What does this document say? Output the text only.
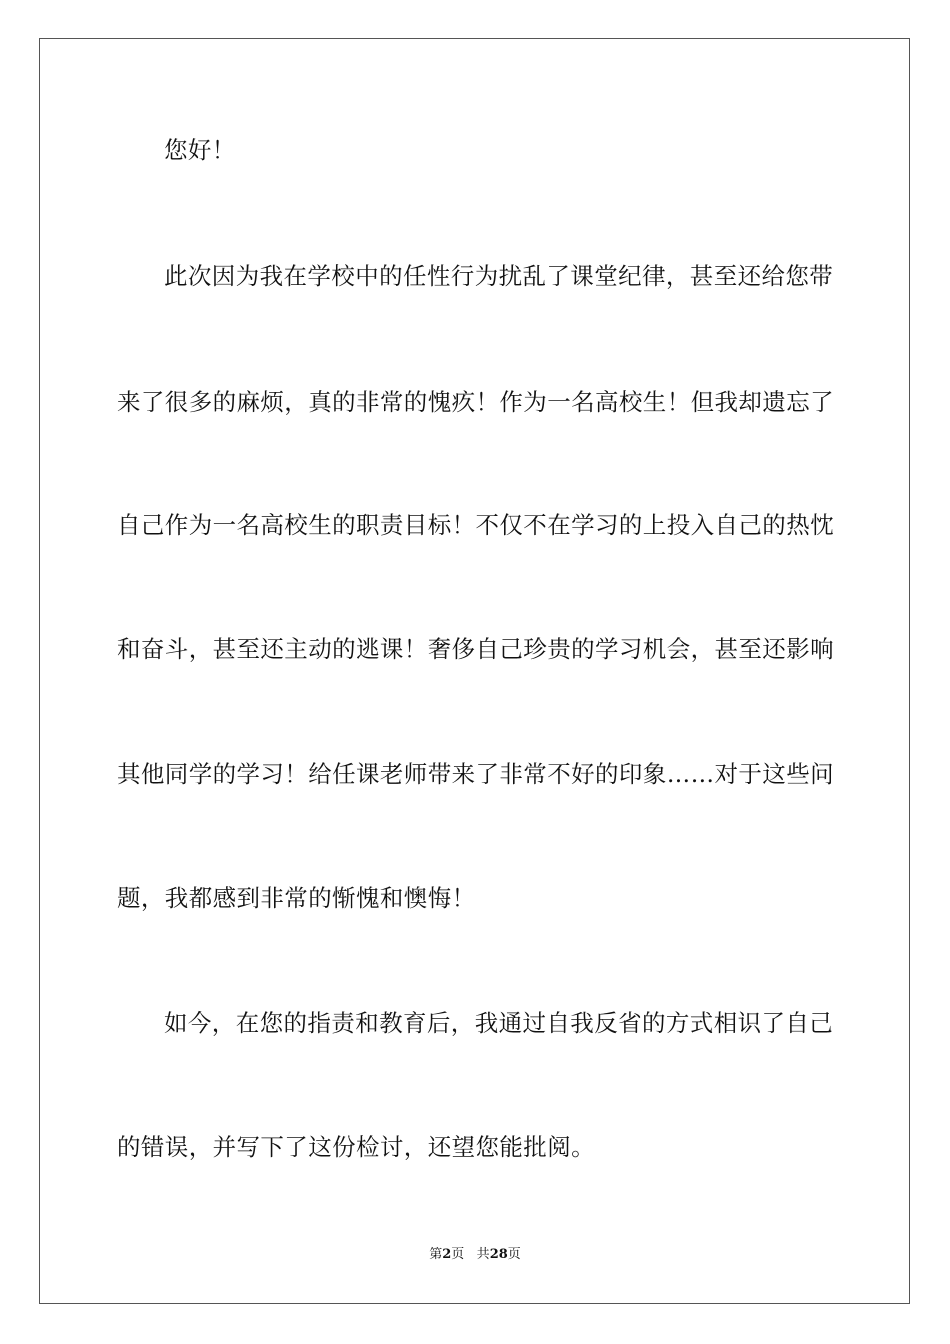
您好！
此次因为我在学校中的任性行为扰乱了课堂纪律，甚至还给您带
来了很多的麻烦，真的非常的愧疚！作为一名高校生！但我却遗忘了
自己作为一名高校生的职责目标！不仅不在学习的上投入自己的热忱
和奋斗，甚至还主动的逃课！奢侈自己珍贵的学习机会，甚至还影响
其他同学的学习！给任课老师带来了非常不好的印象……对于这些问
题，我都感到非常的惭愧和懊悔！
如今，在您的指责和教育后，我通过自我反省的方式相识了自己
的错误，并写下了这份检讨，还望您能批阅。
第2页 共28页
